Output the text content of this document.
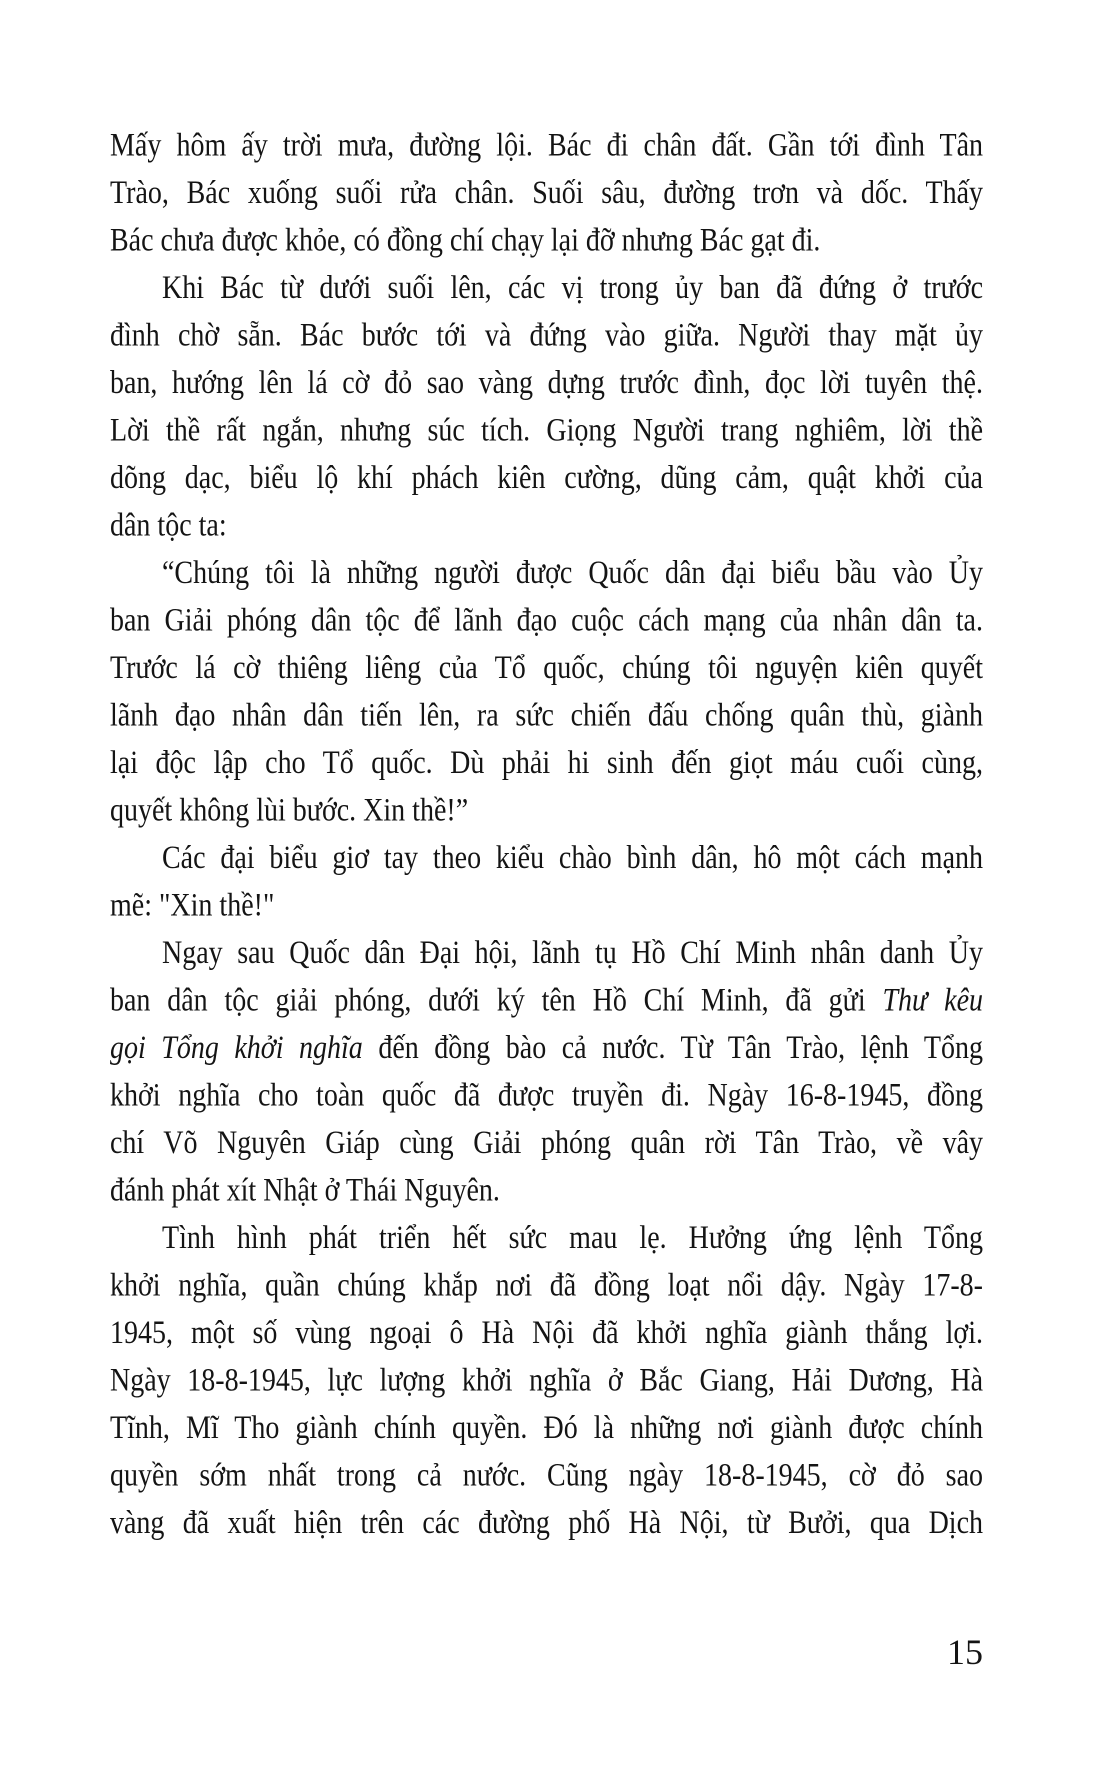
Mấy hôm ấy trời mưa, đường lội. Bác đi chân đất. Gần tới đình Tân
Trào, Bác xuống suối rửa chân. Suối sâu, đường trơn và dốc. Thấy
Bác chưa được khỏe, có đồng chí chạy lại đỡ nhưng Bác gạt đi.
Khi Bác từ dưới suối lên, các vị trong ủy ban đã đứng ở trước
đình chờ sẵn. Bác bước tới và đứng vào giữa. Người thay mặt ủy
ban, hướng lên lá cờ đỏ sao vàng dựng trước đình, đọc lời tuyên thệ.
Lời thề rất ngắn, nhưng súc tích. Giọng Người trang nghiêm, lời thề
dõng dạc, biểu lộ khí phách kiên cường, dũng cảm, quật khởi của
dân tộc ta:
“Chúng tôi là những người được Quốc dân đại biểu bầu vào Ủy
ban Giải phóng dân tộc để lãnh đạo cuộc cách mạng của nhân dân ta.
Trước lá cờ thiêng liêng của Tổ quốc, chúng tôi nguyện kiên quyết
lãnh đạo nhân dân tiến lên, ra sức chiến đấu chống quân thù, giành
lại độc lập cho Tổ quốc. Dù phải hi sinh đến giọt máu cuối cùng,
quyết không lùi bước. Xin thề!”
Các đại biểu giơ tay theo kiểu chào bình dân, hô một cách mạnh
mẽ: "Xin thề!"
Ngay sau Quốc dân Đại hội, lãnh tụ Hồ Chí Minh nhân danh Ủy
ban dân tộc giải phóng, dưới ký tên Hồ Chí Minh, đã gửi Thư kêu
gọi Tổng khởi nghĩa đến đồng bào cả nước. Từ Tân Trào, lệnh Tổng
khởi nghĩa cho toàn quốc đã được truyền đi. Ngày 16-8-1945, đồng
chí Võ Nguyên Giáp cùng Giải phóng quân rời Tân Trào, về vây
đánh phát xít Nhật ở Thái Nguyên.
Tình hình phát triển hết sức mau lẹ. Hưởng ứng lệnh Tổng
khởi nghĩa, quần chúng khắp nơi đã đồng loạt nổi dậy. Ngày 17-8-
1945, một số vùng ngoại ô Hà Nội đã khởi nghĩa giành thắng lợi.
Ngày 18-8-1945, lực lượng khởi nghĩa ở Bắc Giang, Hải Dương, Hà
Tĩnh, Mĩ Tho giành chính quyền. Đó là những nơi giành được chính
quyền sớm nhất trong cả nước. Cũng ngày 18-8-1945, cờ đỏ sao
vàng đã xuất hiện trên các đường phố Hà Nội, từ Bưởi, qua Dịch
15
